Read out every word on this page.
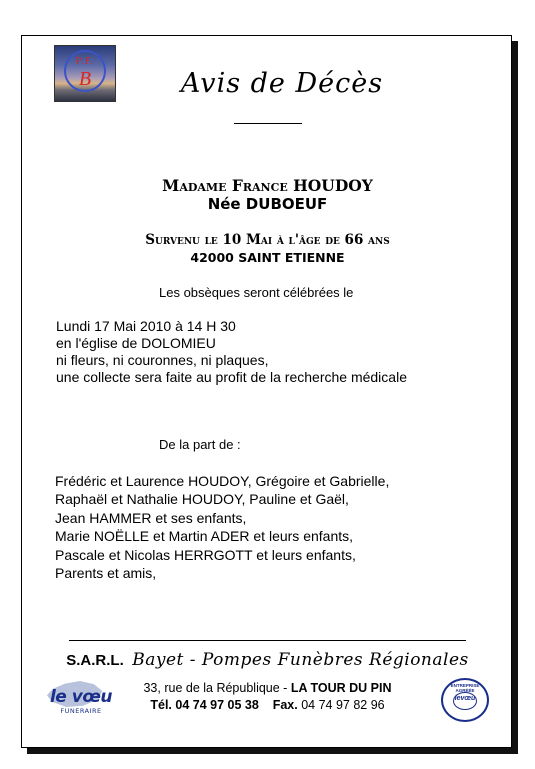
P.F.
B	Avis de Décès
Madame France HOUDOY
Née DUBOEUF
Survenu le 10 Mai à l'âge de 66 ans
42000 SAINT ETIENNE
Les obsèques seront célébrées le
Lundi 17 Mai 2010 à 14 H 30
en l'église de DOLOMIEU
ni fleurs, ni couronnes, ni plaques,
une collecte sera faite au profit de la recherche médicale
De la part de :
Frédéric et Laurence HOUDOY, Grégoire et Gabrielle,
Raphaël et Nathalie HOUDOY, Pauline et Gaël,
Jean HAMMER et ses enfants,
Marie NOËLLE et Martin ADER et leurs enfants,
Pascale et Nicolas HERRGOTT et leurs enfants,
Parents et amis,
S.A.R.L. Bayet - Pompes Funèbres Régionales
le vœu
FUNERAIRE
33, rue de la République - LA TOUR DU PIN
Tél. 04 74 97 05 38 Fax. 04 74 97 82 96
ENTREPRISE AGRÉÉE
levœu
